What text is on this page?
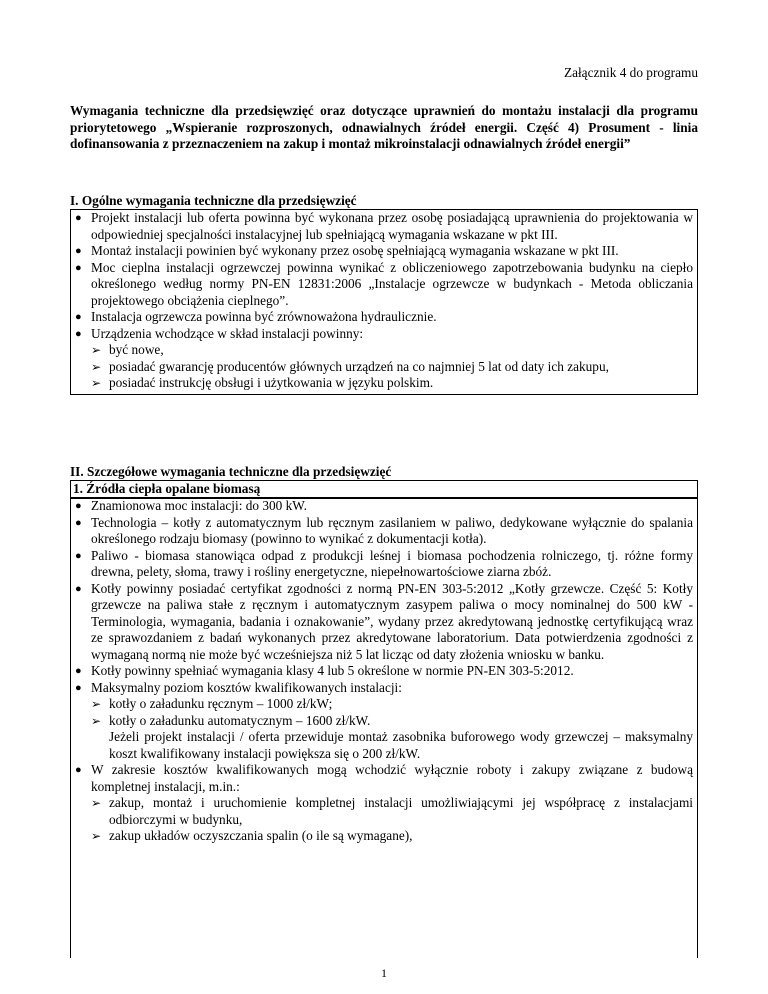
Załącznik 4 do programu
Wymagania techniczne dla przedsięwzięć oraz dotyczące uprawnień do montażu instalacji dla programu priorytetowego „Wspieranie rozproszonych, odnawialnych źródeł energii. Część 4) Prosument - linia dofinansowania z przeznaczeniem na zakup i montaż mikroinstalacji odnawialnych źródeł energii”
I. Ogólne wymagania techniczne dla przedsięwzięć
● Projekt instalacji lub oferta powinna być wykonana przez osobę posiadającą uprawnienia do projektowania w odpowiedniej specjalności instalacyjnej lub spełniającą wymagania wskazane w pkt III.
● Montaż instalacji powinien być wykonany przez osobę spełniającą wymagania wskazane w pkt III.
● Moc cieplna instalacji ogrzewczej powinna wynikać z obliczeniowego zapotrzebowania budynku na ciepło określonego według normy PN-EN 12831:2006 „Instalacje ogrzewcze w budynkach - Metoda obliczania projektowego obciążenia cieplnego”.
● Instalacja ogrzewcza powinna być zrównoważona hydraulicznie.
● Urządzenia wchodzące w skład instalacji powinny:
➢ być nowe,
➢ posiadać gwarancję producentów głównych urządzeń na co najmniej 5 lat od daty ich zakupu,
➢ posiadać instrukcję obsługi i użytkowania w języku polskim.
II. Szczegółowe wymagania techniczne dla przedsięwzięć
1. Źródła ciepła opalane biomasą
● Znamionowa moc instalacji: do 300 kW.
● Technologia – kotły z automatycznym lub ręcznym zasilaniem w paliwo, dedykowane wyłącznie do spalania określonego rodzaju biomasy (powinno to wynikać z dokumentacji kotła).
● Paliwo - biomasa stanowiąca odpad z produkcji leśnej i biomasa pochodzenia rolniczego, tj. różne formy drewna, pelety, słoma, trawy i rośliny energetyczne, niepełnowartościowe ziarna zbóż.
● Kotły powinny posiadać certyfikat zgodności z normą PN-EN 303-5:2012 „Kotły grzewcze. Część 5: Kotły grzewcze na paliwa stałe z ręcznym i automatycznym zasypem paliwa o mocy nominalnej do 500 kW - Terminologia, wymagania, badania i oznakowanie”, wydany przez akredytowaną jednostkę certyfikującą wraz ze sprawozdaniem z badań wykonanych przez akredytowane laboratorium. Data potwierdzenia zgodności z wymaganą normą nie może być wcześniejsza niż 5 lat licząc od daty złożenia wniosku w banku.
● Kotły powinny spełniać wymagania klasy 4 lub 5 określone w normie PN-EN 303-5:2012.
● Maksymalny poziom kosztów kwalifikowanych instalacji:
➢ kotły o załadunku ręcznym – 1000 zł/kW;
➢ kotły o załadunku automatycznym – 1600 zł/kW.
Jeżeli projekt instalacji / oferta przewiduje montaż zasobnika buforowego wody grzewczej – maksymalny koszt kwalifikowany instalacji powiększa się o 200 zł/kW.
● W zakresie kosztów kwalifikowanych mogą wchodzić wyłącznie roboty i zakupy związane z budową kompletnej instalacji, m.in.:
➢ zakup, montaż i uruchomienie kompletnej instalacji umożliwiającymi jej współpracę z instalacjami odbiorczymi w budynku,
➢ zakup układów oczyszczania spalin (o ile są wymagane),
1
